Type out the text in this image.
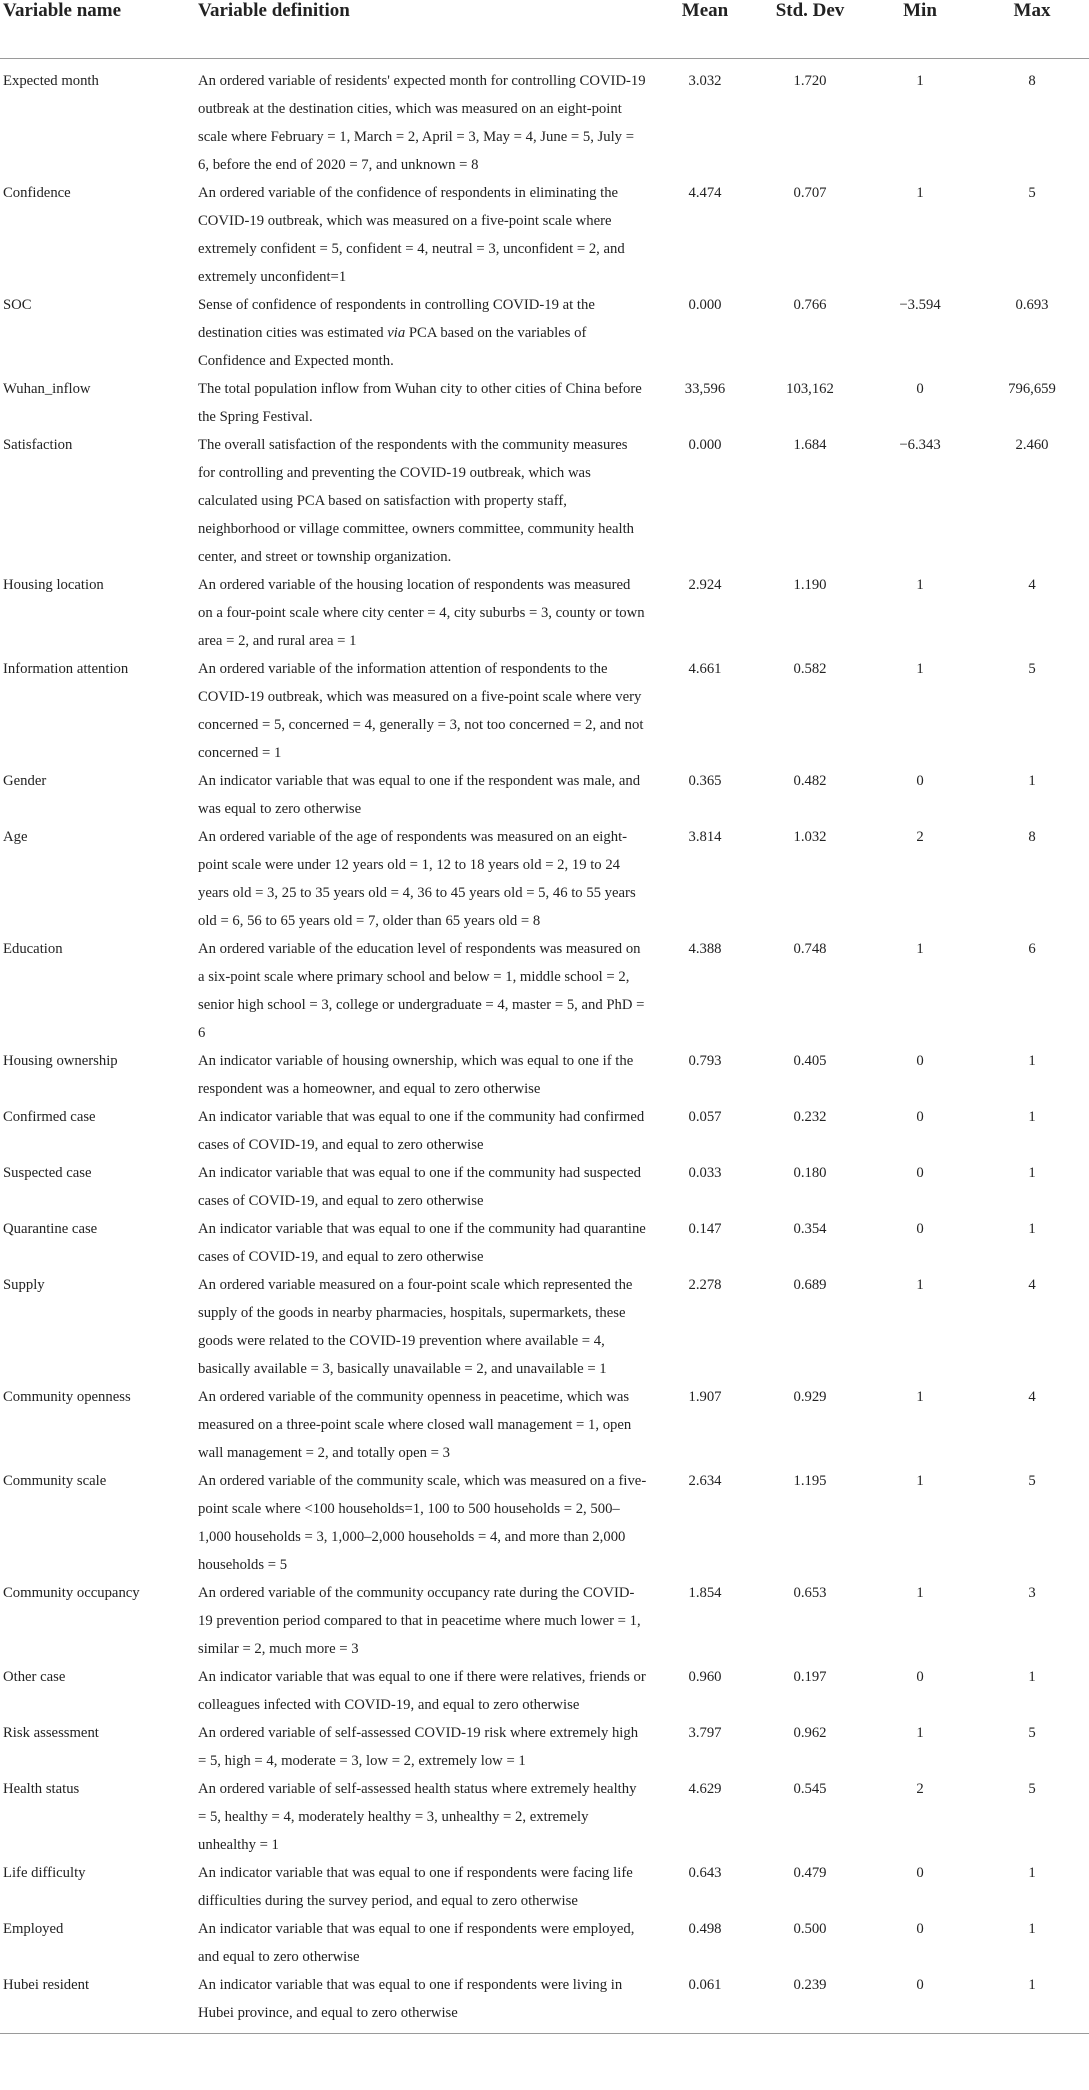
Variable name	Variable definition	Mean	Std. Dev	Min	Max
Expected month	An ordered variable of residents' expected month for controlling COVID-19 outbreak at the destination cities, which was measured on an eight-point scale where February = 1, March = 2, April = 3, May = 4, June = 5, July = 6, before the end of 2020 = 7, and unknown = 8	3.032	1.720	1	8
Confidence	An ordered variable of the confidence of respondents in eliminating the COVID-19 outbreak, which was measured on a five-point scale where extremely confident = 5, confident = 4, neutral = 3, unconfident = 2, and extremely unconfident=1	4.474	0.707	1	5
SOC	Sense of confidence of respondents in controlling COVID-19 at the destination cities was estimated via PCA based on the variables of Confidence and Expected month.	0.000	0.766	−3.594	0.693
Wuhan_inflow	The total population inflow from Wuhan city to other cities of China before the Spring Festival.	33,596	103,162	0	796,659
Satisfaction	The overall satisfaction of the respondents with the community measures for controlling and preventing the COVID-19 outbreak, which was calculated using PCA based on satisfaction with property staff, neighborhood or village committee, owners committee, community health center, and street or township organization.	0.000	1.684	−6.343	2.460
Housing location	An ordered variable of the housing location of respondents was measured on a four-point scale where city center = 4, city suburbs = 3, county or town area = 2, and rural area = 1	2.924	1.190	1	4
Information attention	An ordered variable of the information attention of respondents to the COVID-19 outbreak, which was measured on a five-point scale where very concerned = 5, concerned = 4, generally = 3, not too concerned = 2, and not concerned = 1	4.661	0.582	1	5
Gender	An indicator variable that was equal to one if the respondent was male, and was equal to zero otherwise	0.365	0.482	0	1
Age	An ordered variable of the age of respondents was measured on an eight-point scale were under 12 years old = 1, 12 to 18 years old = 2, 19 to 24 years old = 3, 25 to 35 years old = 4, 36 to 45 years old = 5, 46 to 55 years old = 6, 56 to 65 years old = 7, older than 65 years old = 8	3.814	1.032	2	8
Education	An ordered variable of the education level of respondents was measured on a six-point scale where primary school and below = 1, middle school = 2, senior high school = 3, college or undergraduate = 4, master = 5, and PhD = 6	4.388	0.748	1	6
Housing ownership	An indicator variable of housing ownership, which was equal to one if the respondent was a homeowner, and equal to zero otherwise	0.793	0.405	0	1
Confirmed case	An indicator variable that was equal to one if the community had confirmed cases of COVID-19, and equal to zero otherwise	0.057	0.232	0	1
Suspected case	An indicator variable that was equal to one if the community had suspected cases of COVID-19, and equal to zero otherwise	0.033	0.180	0	1
Quarantine case	An indicator variable that was equal to one if the community had quarantine cases of COVID-19, and equal to zero otherwise	0.147	0.354	0	1
Supply	An ordered variable measured on a four-point scale which represented the supply of the goods in nearby pharmacies, hospitals, supermarkets, these goods were related to the COVID-19 prevention where available = 4, basically available = 3, basically unavailable = 2, and unavailable = 1	2.278	0.689	1	4
Community openness	An ordered variable of the community openness in peacetime, which was measured on a three-point scale where closed wall management = 1, open wall management = 2, and totally open = 3	1.907	0.929	1	4
Community scale	An ordered variable of the community scale, which was measured on a five-point scale where <100 households=1, 100 to 500 households = 2, 500–1,000 households = 3, 1,000–2,000 households = 4, and more than 2,000 households = 5	2.634	1.195	1	5
Community occupancy	An ordered variable of the community occupancy rate during the COVID-19 prevention period compared to that in peacetime where much lower = 1, similar = 2, much more = 3	1.854	0.653	1	3
Other case	An indicator variable that was equal to one if there were relatives, friends or colleagues infected with COVID-19, and equal to zero otherwise	0.960	0.197	0	1
Risk assessment	An ordered variable of self-assessed COVID-19 risk where extremely high = 5, high = 4, moderate = 3, low = 2, extremely low = 1	3.797	0.962	1	5
Health status	An ordered variable of self-assessed health status where extremely healthy = 5, healthy = 4, moderately healthy = 3, unhealthy = 2, extremely unhealthy = 1	4.629	0.545	2	5
Life difficulty	An indicator variable that was equal to one if respondents were facing life difficulties during the survey period, and equal to zero otherwise	0.643	0.479	0	1
Employed	An indicator variable that was equal to one if respondents were employed, and equal to zero otherwise	0.498	0.500	0	1
Hubei resident	An indicator variable that was equal to one if respondents were living in Hubei province, and equal to zero otherwise	0.061	0.239	0	1
